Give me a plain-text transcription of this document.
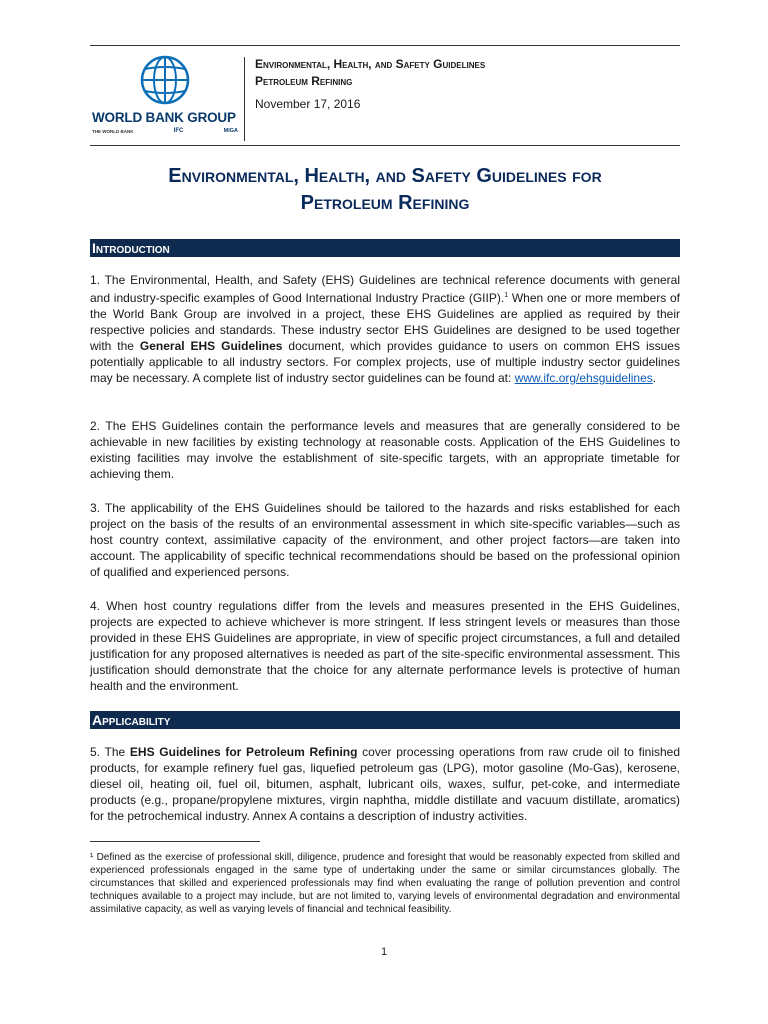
WORLD BANK GROUP
THE WORLD BANK	IFC	MIGA
Environmental, Health, and Safety Guidelines
Petroleum Refining
November 17, 2016
Environmental, Health, and Safety Guidelines for
Petroleum Refining
Introduction
1. The Environmental, Health, and Safety (EHS) Guidelines are technical reference documents with general and industry-specific examples of Good International Industry Practice (GIIP).$^1$ When one or more members of the World Bank Group are involved in a project, these EHS Guidelines are applied as required by their respective policies and standards. These industry sector EHS Guidelines are designed to be used together with the General EHS Guidelines document, which provides guidance to users on common EHS issues potentially applicable to all industry sectors. For complex projects, use of multiple industry sector guidelines may be necessary. A complete list of industry sector guidelines can be found at: www.ifc.org/ehsguidelines.
2. The EHS Guidelines contain the performance levels and measures that are generally considered to be achievable in new facilities by existing technology at reasonable costs. Application of the EHS Guidelines to existing facilities may involve the establishment of site-specific targets, with an appropriate timetable for achieving them.
3. The applicability of the EHS Guidelines should be tailored to the hazards and risks established for each project on the basis of the results of an environmental assessment in which site-specific variables—such as host country context, assimilative capacity of the environment, and other project factors—are taken into account. The applicability of specific technical recommendations should be based on the professional opinion of qualified and experienced persons.
4. When host country regulations differ from the levels and measures presented in the EHS Guidelines, projects are expected to achieve whichever is more stringent. If less stringent levels or measures than those provided in these EHS Guidelines are appropriate, in view of specific project circumstances, a full and detailed justification for any proposed alternatives is needed as part of the site-specific environmental assessment. This justification should demonstrate that the choice for any alternate performance levels is protective of human health and the environment.
Applicability
5. The EHS Guidelines for Petroleum Refining cover processing operations from raw crude oil to finished products, for example refinery fuel gas, liquefied petroleum gas (LPG), motor gasoline (Mo-Gas), kerosene, diesel oil, heating oil, fuel oil, bitumen, asphalt, lubricant oils, waxes, sulfur, pet-coke, and intermediate products (e.g., propane/propylene mixtures, virgin naphtha, middle distillate and vacuum distillate, aromatics) for the petrochemical industry. Annex A contains a description of industry activities.
¹ Defined as the exercise of professional skill, diligence, prudence and foresight that would be reasonably expected from skilled and experienced professionals engaged in the same type of undertaking under the same or similar circumstances globally. The circumstances that skilled and experienced professionals may find when evaluating the range of pollution prevention and control techniques available to a project may include, but are not limited to, varying levels of environmental degradation and environmental assimilative capacity, as well as varying levels of financial and technical feasibility.
1
